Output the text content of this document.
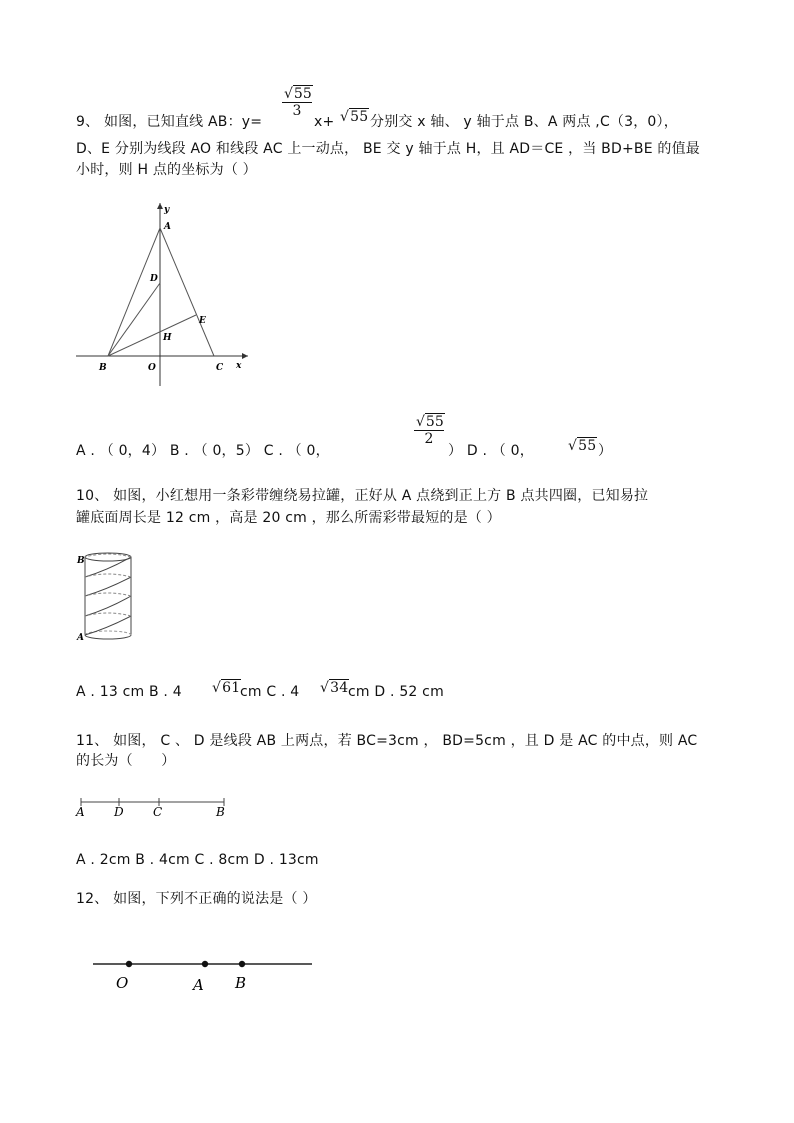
9、 如图，已知直线 AB：y=
$\frac{√55}{3}$
x+ √55 分别交 x 轴、 y 轴于点 B、A 两点 ,C（3，0），
D、E 分别为线段 AO 和线段 AC 上一动点， BE 交 y 轴于点 H，且 AD＝CE ，当 BD+BE 的值最
小时，则 H 点的坐标为（ ）
y
A
D
E
H
B	O	C x
A . （ 0，4） B . （ 0，5） C . （ 0，
$\frac{√55}{2}$
） D . （ 0， √55 ）
10、 如图，小红想用一条彩带缠绕易拉罐，正好从 A 点绕到正上方 B 点共四圈，已知易拉
罐底面周长是 12 cm ，高是 20 cm ，那么所需彩带最短的是（ ）
B
A
A . 13 cm B . 4 √61 cm C . 4 √34 cm D . 52 cm
11、 如图， C 、 D 是线段 AB 上两点，若 BC=3cm ， BD=5cm ，且 D 是 AC 的中点，则 AC
的长为（　　）
A D C	B
A . 2cm B . 4cm C . 8cm D . 13cm
12、 如图，下列不正确的说法是（ ）
O	A B
